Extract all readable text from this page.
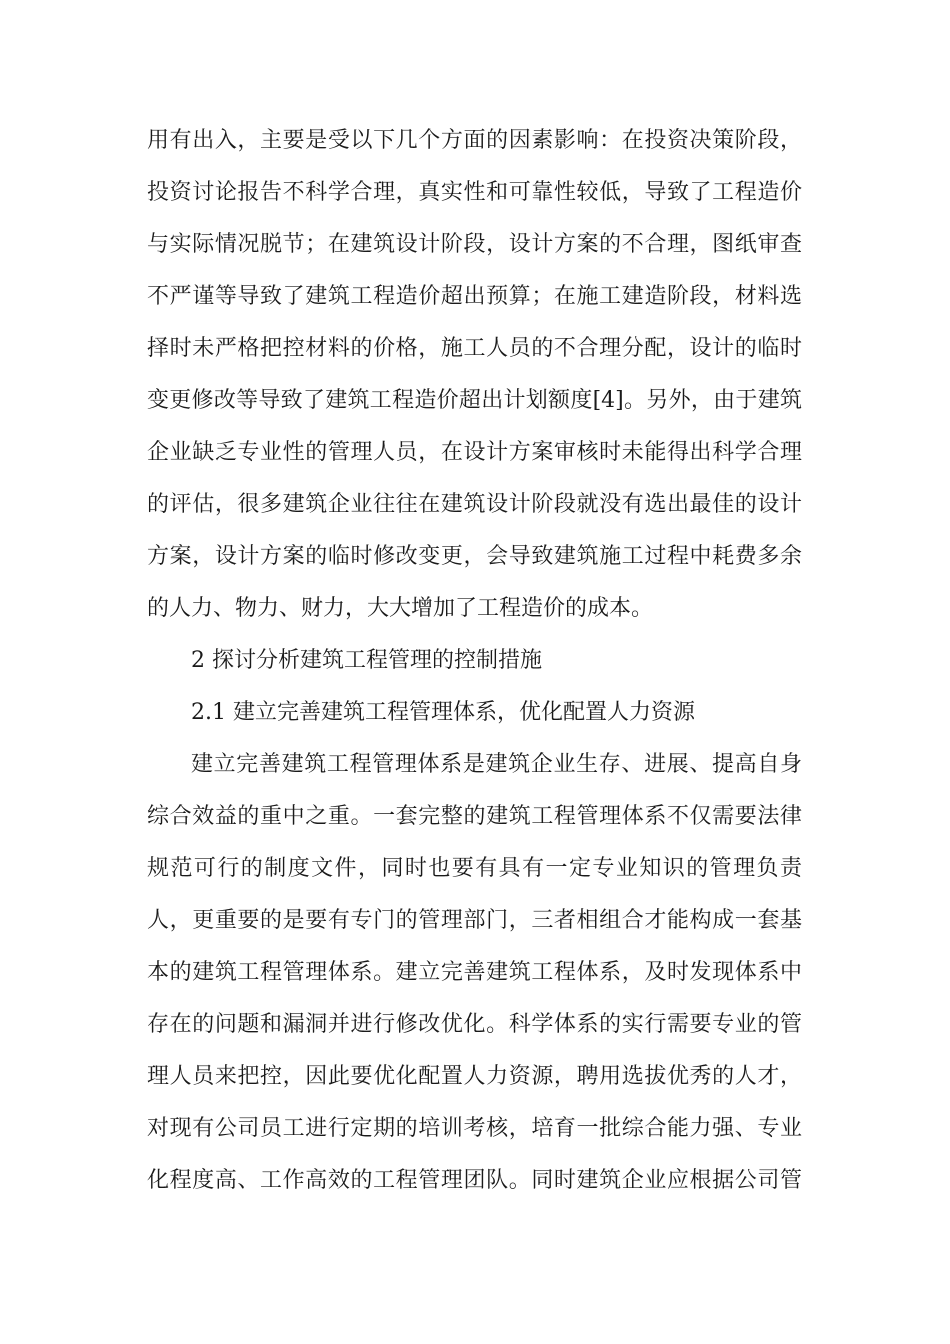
用有出入，主要是受以下几个方面的因素影响：在投资决策阶段，
投资讨论报告不科学合理，真实性和可靠性较低，导致了工程造价
与实际情况脱节；在建筑设计阶段，设计方案的不合理，图纸审查
不严谨等导致了建筑工程造价超出预算；在施工建造阶段，材料选
择时未严格把控材料的价格，施工人员的不合理分配，设计的临时
变更修改等导致了建筑工程造价超出计划额度[4]。另外，由于建筑
企业缺乏专业性的管理人员，在设计方案审核时未能得出科学合理
的评估，很多建筑企业往往在建筑设计阶段就没有选出最佳的设计
方案，设计方案的临时修改变更，会导致建筑施工过程中耗费多余
的人力、物力、财力，大大增加了工程造价的成本。
2 探讨分析建筑工程管理的控制措施
2.1 建立完善建筑工程管理体系，优化配置人力资源
建立完善建筑工程管理体系是建筑企业生存、进展、提高自身
综合效益的重中之重。一套完整的建筑工程管理体系不仅需要法律
规范可行的制度文件，同时也要有具有一定专业知识的管理负责
人，更重要的是要有专门的管理部门，三者相组合才能构成一套基
本的建筑工程管理体系。建立完善建筑工程体系，及时发现体系中
存在的问题和漏洞并进行修改优化。科学体系的实行需要专业的管
理人员来把控，因此要优化配置人力资源，聘用选拔优秀的人才，
对现有公司员工进行定期的培训考核，培育一批综合能力强、专业
化程度高、工作高效的工程管理团队。同时建筑企业应根据公司管
